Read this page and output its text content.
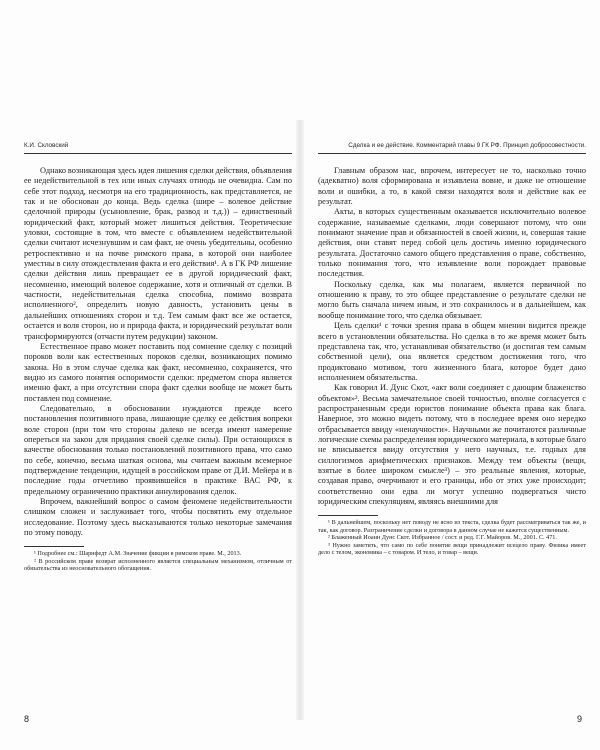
К.И. Скловский

Однако возникающая здесь идея лишения сделки действия, объявления ее недействительной в тех или иных случаях отнюдь не очевидна. Сам по себе этот подход, несмотря на его традиционность, как представляется, не так и не обоснован до конца. Ведь сделка (шире – волевое действие сделочной природы (усыновление, брак, развод и т.д.)) – единственный юридический факт, который может лишиться действия. Теоретические уловки, состоящие в том, что вместе с объявлением недействительной сделки считают исчезнувшим и сам факт, не очень убедительны, особенно ретроспективно и на почве римского права, в которой они наиболее уместны в силу отождествления факта и его действия¹. А в ГК РФ лишение сделки действия лишь превращает ее в другой юридический факт, несомненно, имеющий волевое содержание, хотя и отличный от сделки. В частности, недействительная сделка способна, помимо возврата исполненного², определить новую давность, установить цены в дальнейших отношениях сторон и т.д. Тем самым факт все же остается, остается и воля сторон, но и природа факта, и юридический результат воли трансформируются (отчасти путем редукции) законом.

Естественное право может поставить под сомнение сделку с позиций пороков воли как естественных пороков сделки, возникающих помимо закона. Но в этом случае сделка как факт, несомненно, сохраняется, что видно из самого понятия оспоримости сделки: предметом спора является именно факт, а при отсутствии спора факт сделки вообще не может быть поставлен под сомнение.

Следовательно, в обосновании нуждаются прежде всего постановления позитивного права, лишающие сделку ее действия вопреки воле сторон (при том что стороны далеко не всегда имеют намерение опереться на закон для придания своей сделке силы). При остающихся в качестве обоснования только постановлений позитивного права, что само по себе, конечно, весьма шаткая основа, мы считаем важным всемерное подтверждение тенденции, идущей в российском праве от Д.И. Мейера и в последние годы отчетливо проявившейся в практике ВАС РФ, к предельному ограничению практики аннулирования сделок.

Впрочем, важнейший вопрос о самом феномене недействительности слишком сложен и заслуживает того, чтобы посвятить ему отдельное исследование. Поэтому здесь высказываются только некоторые замечания по этому поводу.

¹ Подробнее см.: Шарнфедт А.М. Значение фикции в римском праве. М., 2013.

² В российском праве возврат исполненного является специальным механизмом, отличным от обязательства из неосновательного обогащения.

Сделка и ее действие. Комментарий главы 9 ГК РФ. Принцип добросовестности.

Главным образом нас, впрочем, интересует не то, насколько точно (адекватно) воля сформирована и изъявлена вовне, и даже не отношение воли и ошибки, а то, в какой связи находятся воля и действие как ее результат.

Акты, в которых существенным оказывается исключительно волевое содержание, называемые сделками, люди совершают потому, что они понимают значение прав и обязанностей в своей жизни, и, совершая такие действия, они ставят перед собой цель достичь именно юридического результата. Достаточно самого общего представления о праве, собственно, только понимания того, что изъявление воли порождает правовые последствия.

Поскольку сделка, как мы полагаем, является первичной по отношению к праву, то это общее представление о результате сделки не могло быть сначала ничем иным, и это сохранилось и в дальнейшем, как вообще понимание того, что сделка обязывает.

Цель сделки¹ с точки зрения права в общем мнении видится прежде всего в установлении обязательства. Но сделка в то же время может быть представлена так, что, устанавливая обязательство (и достигая тем самым собственной цели), она является средством достижения того, что продиктовано мотивом, того жизненного блага, которое будет дано исполнением обязательства.

Как говорил И. Дунс Скот, «акт воли соединяет с дающим блаженство объектом»². Весьма замечательное своей точностью, вполне согласуется с распространенным среди юристов понимание объекта права как блага. Наверное, это можно видеть потому, что в последнее время оно нередко отбрасывается ввиду «ненаучности». Научными же почитаются различные логические схемы распределения юридического материала, в которые благо не вписывается ввиду отсутствия у него научных, т.е. годных для силлогизмов арифметических признаков. Между тем объекты (вещи, взятые в более широком смысле³) – это реальные явления, которые, создавая право, очерчивают и его границы, ибо от этих уже происходит; соответственно они едва ли могут успешно подвергаться чисто юридическим спекуляциям, являясь внешними для

¹ В дальнейшем, поскольку нет поводу не ясно из текста, сделка будет рассматриваться так же, и так, как договор. Разграничение сделки и договора в данном случае не кажется существенным.

² Блаженный Иоанн Дунс Скот. Избранное / сост. и ред. Г.Г. Майоров. М., 2001. С. 471.

³ Нужно заметить, что само по себе понятие вещи принадлежит всецело праву. Физика имеет дело с телом, экономика – с товаром. И тело, и товар – вещи.

8	9
